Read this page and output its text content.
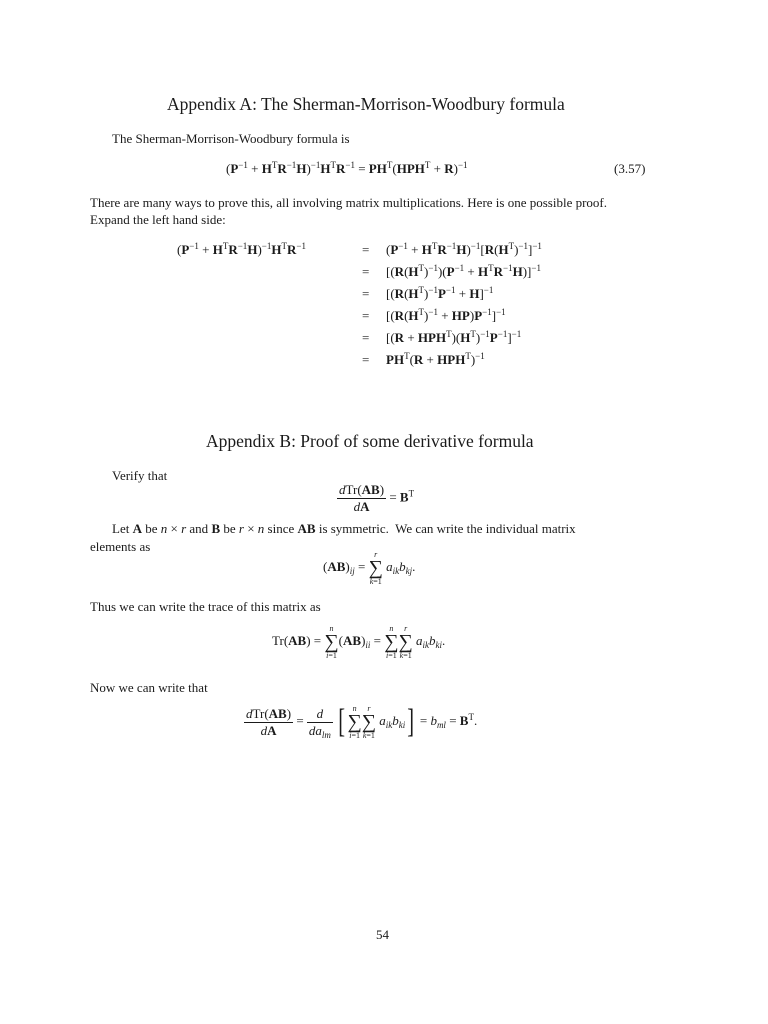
Appendix A: The Sherman-Morrison-Woodbury formula
The Sherman-Morrison-Woodbury formula is
$(P^{-1} + H^TR^{-1}H)^{-1}H^TR^{-1} = PH^T(HPH^T + R)^{-1}$	(3.57)
There are many ways to prove this, all involving matrix multiplications. Here is one possible proof.
Expand the left hand side:
$(P^{-1} + H^TR^{-1}H)^{-1}H^TR^{-1}$	= $(P^{-1} + H^TR^{-1}H)^{-1}[R(H^T)^{-1}]^{-1}$
= $[(R(H^T)^{-1})(P^{-1} + H^TR^{-1}H)]^{-1}$
= [$(R(H^T)^{-1}P^{-1} + H]^{-1}$
= $[(R(H^T)^{-1} + HP)P^{-1}]^{-1}$
= $[(R + HPH^T)(H^T)^{-1}P^{-1}]^{-1}$
= $PH^T(R + HPH^T)^{-1}$
Appendix B: Proof of some derivative formula
Verify that
$\frac{\text{dTr(AB)}}{dA} = B^T$
Let A be n × r and B be r × n since AB is symmetric.  We can write the individual matrix
elements as
$(AB)_{ij}$ =
r
∑
k=1
$a_{ik}b_{kj}$.
Thus we can write the trace of this matrix as
Tr(AB) =
n
∑
i=1
$(AB)_{ii}$ =
n
∑
i=1
r
∑
k=1
$a_{ik}b_{ki}$.
Now we can write that
$\frac{\text{dTr(AB)}}{dA} = \frac{d}{da_{lm}}$ [ n
∑
i=1
r
∑
k=1
$a_{ik}b_{ki}] = b_{ml} = B^T$.
54
